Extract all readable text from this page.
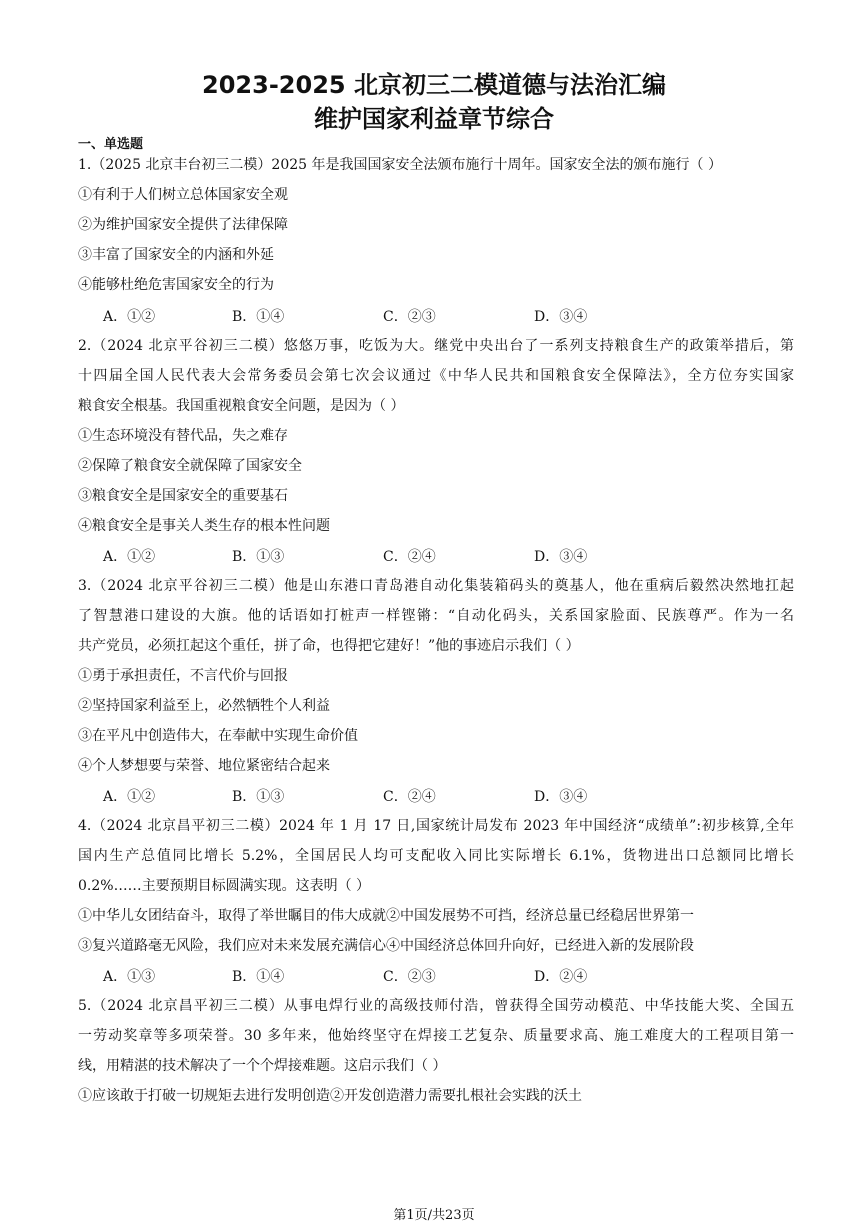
2023-2025 北京初三二模道德与法治汇编
维护国家利益章节综合
一、单选题
1.（2025 北京丰台初三二模）2025 年是我国国家安全法颁布施行十周年。国家安全法的颁布施行（ ）
①有利于人们树立总体国家安全观
②为维护国家安全提供了法律保障
③丰富了国家安全的内涵和外延
④能够杜绝危害国家安全的行为
A．①②	B．①④	C．②③	D．③④
2.（2024 北京平谷初三二模）悠悠万事，吃饭为大。继党中央出台了一系列支持粮食生产的政策举措后，第
十四届全国人民代表大会常务委员会第七次会议通过《中华人民共和国粮食安全保障法》，全方位夯实国家
粮食安全根基。我国重视粮食安全问题，是因为（ ）
①生态环境没有替代品，失之难存
②保障了粮食安全就保障了国家安全
③粮食安全是国家安全的重要基石
④粮食安全是事关人类生存的根本性问题
A．①②	B．①③	C．②④	D．③④
3.（2024 北京平谷初三二模）他是山东港口青岛港自动化集装箱码头的奠基人，他在重病后毅然决然地扛起
了智慧港口建设的大旗。他的话语如打桩声一样铿锵：“自动化码头，关系国家脸面、民族尊严。作为一名
共产党员，必须扛起这个重任，拼了命，也得把它建好！”他的事迹启示我们（ ）
①勇于承担责任，不言代价与回报
②坚持国家利益至上，必然牺牲个人利益
③在平凡中创造伟大，在奉献中实现生命价值
④个人梦想要与荣誉、地位紧密结合起来
A．①②	B．①③	C．②④	D．③④
4.（2024 北京昌平初三二模）2024 年 1 月 17 日,国家统计局发布 2023 年中国经济“成绩单”:初步核算,全年
国内生产总值同比增长 5.2%，全国居民人均可支配收入同比实际增长 6.1%，货物进出口总额同比增长
0.2%……主要预期目标圆满实现。这表明（ ）
①中华儿女团结奋斗，取得了举世瞩目的伟大成就②中国发展势不可挡，经济总量已经稳居世界第一
③复兴道路毫无风险，我们应对未来发展充满信心④中国经济总体回升向好，已经进入新的发展阶段
A．①③	B．①④	C．②③	D．②④
5.（2024 北京昌平初三二模）从事电焊行业的高级技师付浩，曾获得全国劳动模范、中华技能大奖、全国五
一劳动奖章等多项荣誉。30 多年来，他始终坚守在焊接工艺复杂、质量要求高、施工难度大的工程项目第一
线，用精湛的技术解决了一个个焊接难题。这启示我们（ ）
①应该敢于打破一切规矩去进行发明创造②开发创造潜力需要扎根社会实践的沃土
第1页/共23页
